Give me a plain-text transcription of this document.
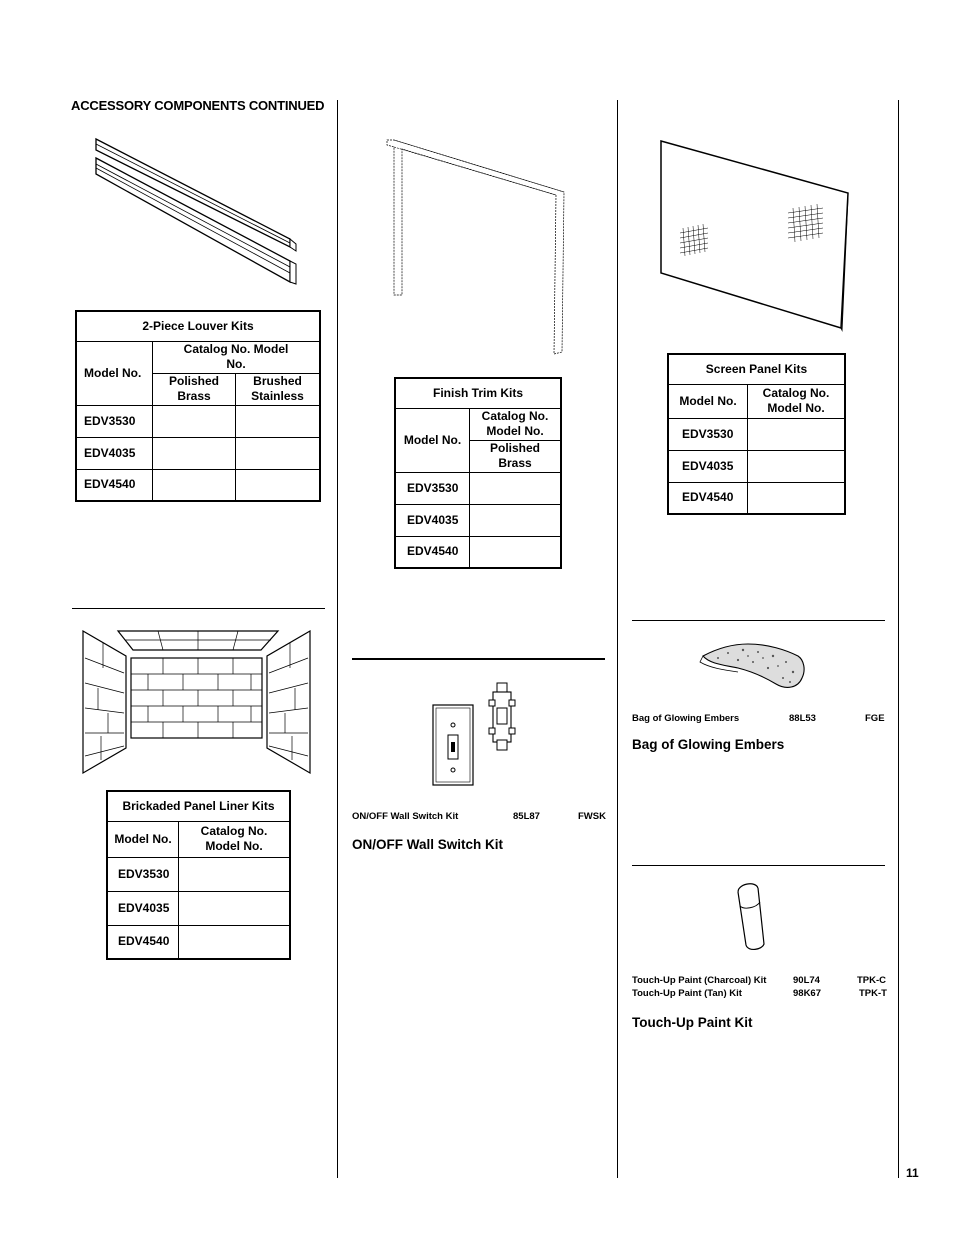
ACCESSORY COMPONENTS CONTINUED
2-Piece Louver Kits		
Model No.	Catalog No. Model No.	
	Polished Brass	Brushed Stainless
EDV3530		
EDV4035		
EDV4540		
Brickaded Panel Liner Kits	
Model No.	Catalog No. Model No.
EDV3530	
EDV4035	
EDV4540	
Finish Trim Kits	
Model No.	Catalog No. Model No.
	Polished Brass
EDV3530	
EDV4035	
EDV4540	
ON/OFF Wall Switch Kit	85L87	FWSK
ON/OFF Wall Switch Kit
Screen Panel Kits	
Model No.	Catalog No. Model No.
EDV3530	
EDV4035	
EDV4540	
Bag of Glowing Embers	88L53	FGE
Bag of Glowing Embers
Touch-Up Paint (Charcoal) Kit	90L74	TPK-C
Touch-Up Paint (Tan) Kit	98K67	TPK-T
Touch-Up Paint Kit
11
